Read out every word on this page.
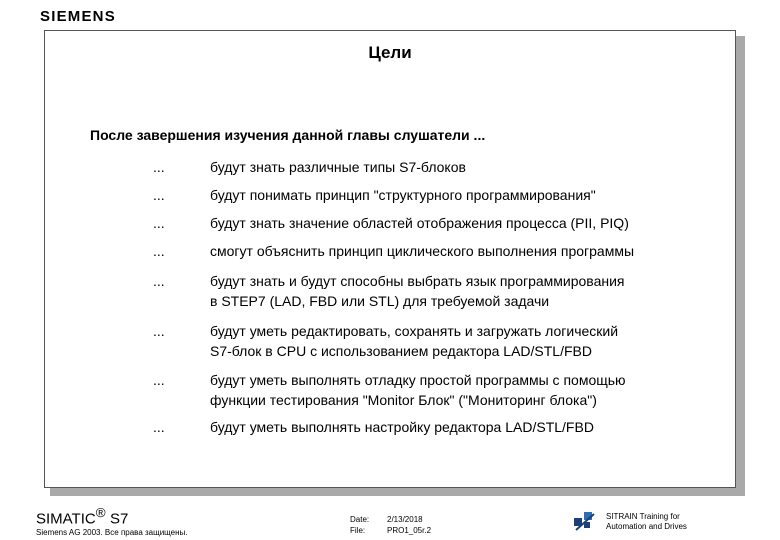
SIEMENS
Цели
После завершения изучения данной главы слушатели ...
...	будут знать различные типы S7-блоков
...	будут понимать принцип "структурного программирования"
...	будут знать значение областей отображения процесса (PII, PIQ)
...	смогут объяснить принцип циклического выполнения программы
...	будут знать и будут способны выбрать язык программирования
в STEP7 (LAD, FBD или STL) для требуемой задачи
...	будут уметь редактировать, сохранять и загружать логический
S7-блок в CPU с использованием редактора LAD/STL/FBD
...	будут уметь выполнять отладку простой программы с помощью
функции тестирования "Monitor Блок" ("Мониторинг блока")
...	будут уметь выполнять настройку редактора LAD/STL/FBD
SIMATIC® S7
Siemens AG 2003. Все права защищены.
Date:	2/13/2018
File:	PRO1_05r.2
SITRAIN Training for
Automation and Drives
